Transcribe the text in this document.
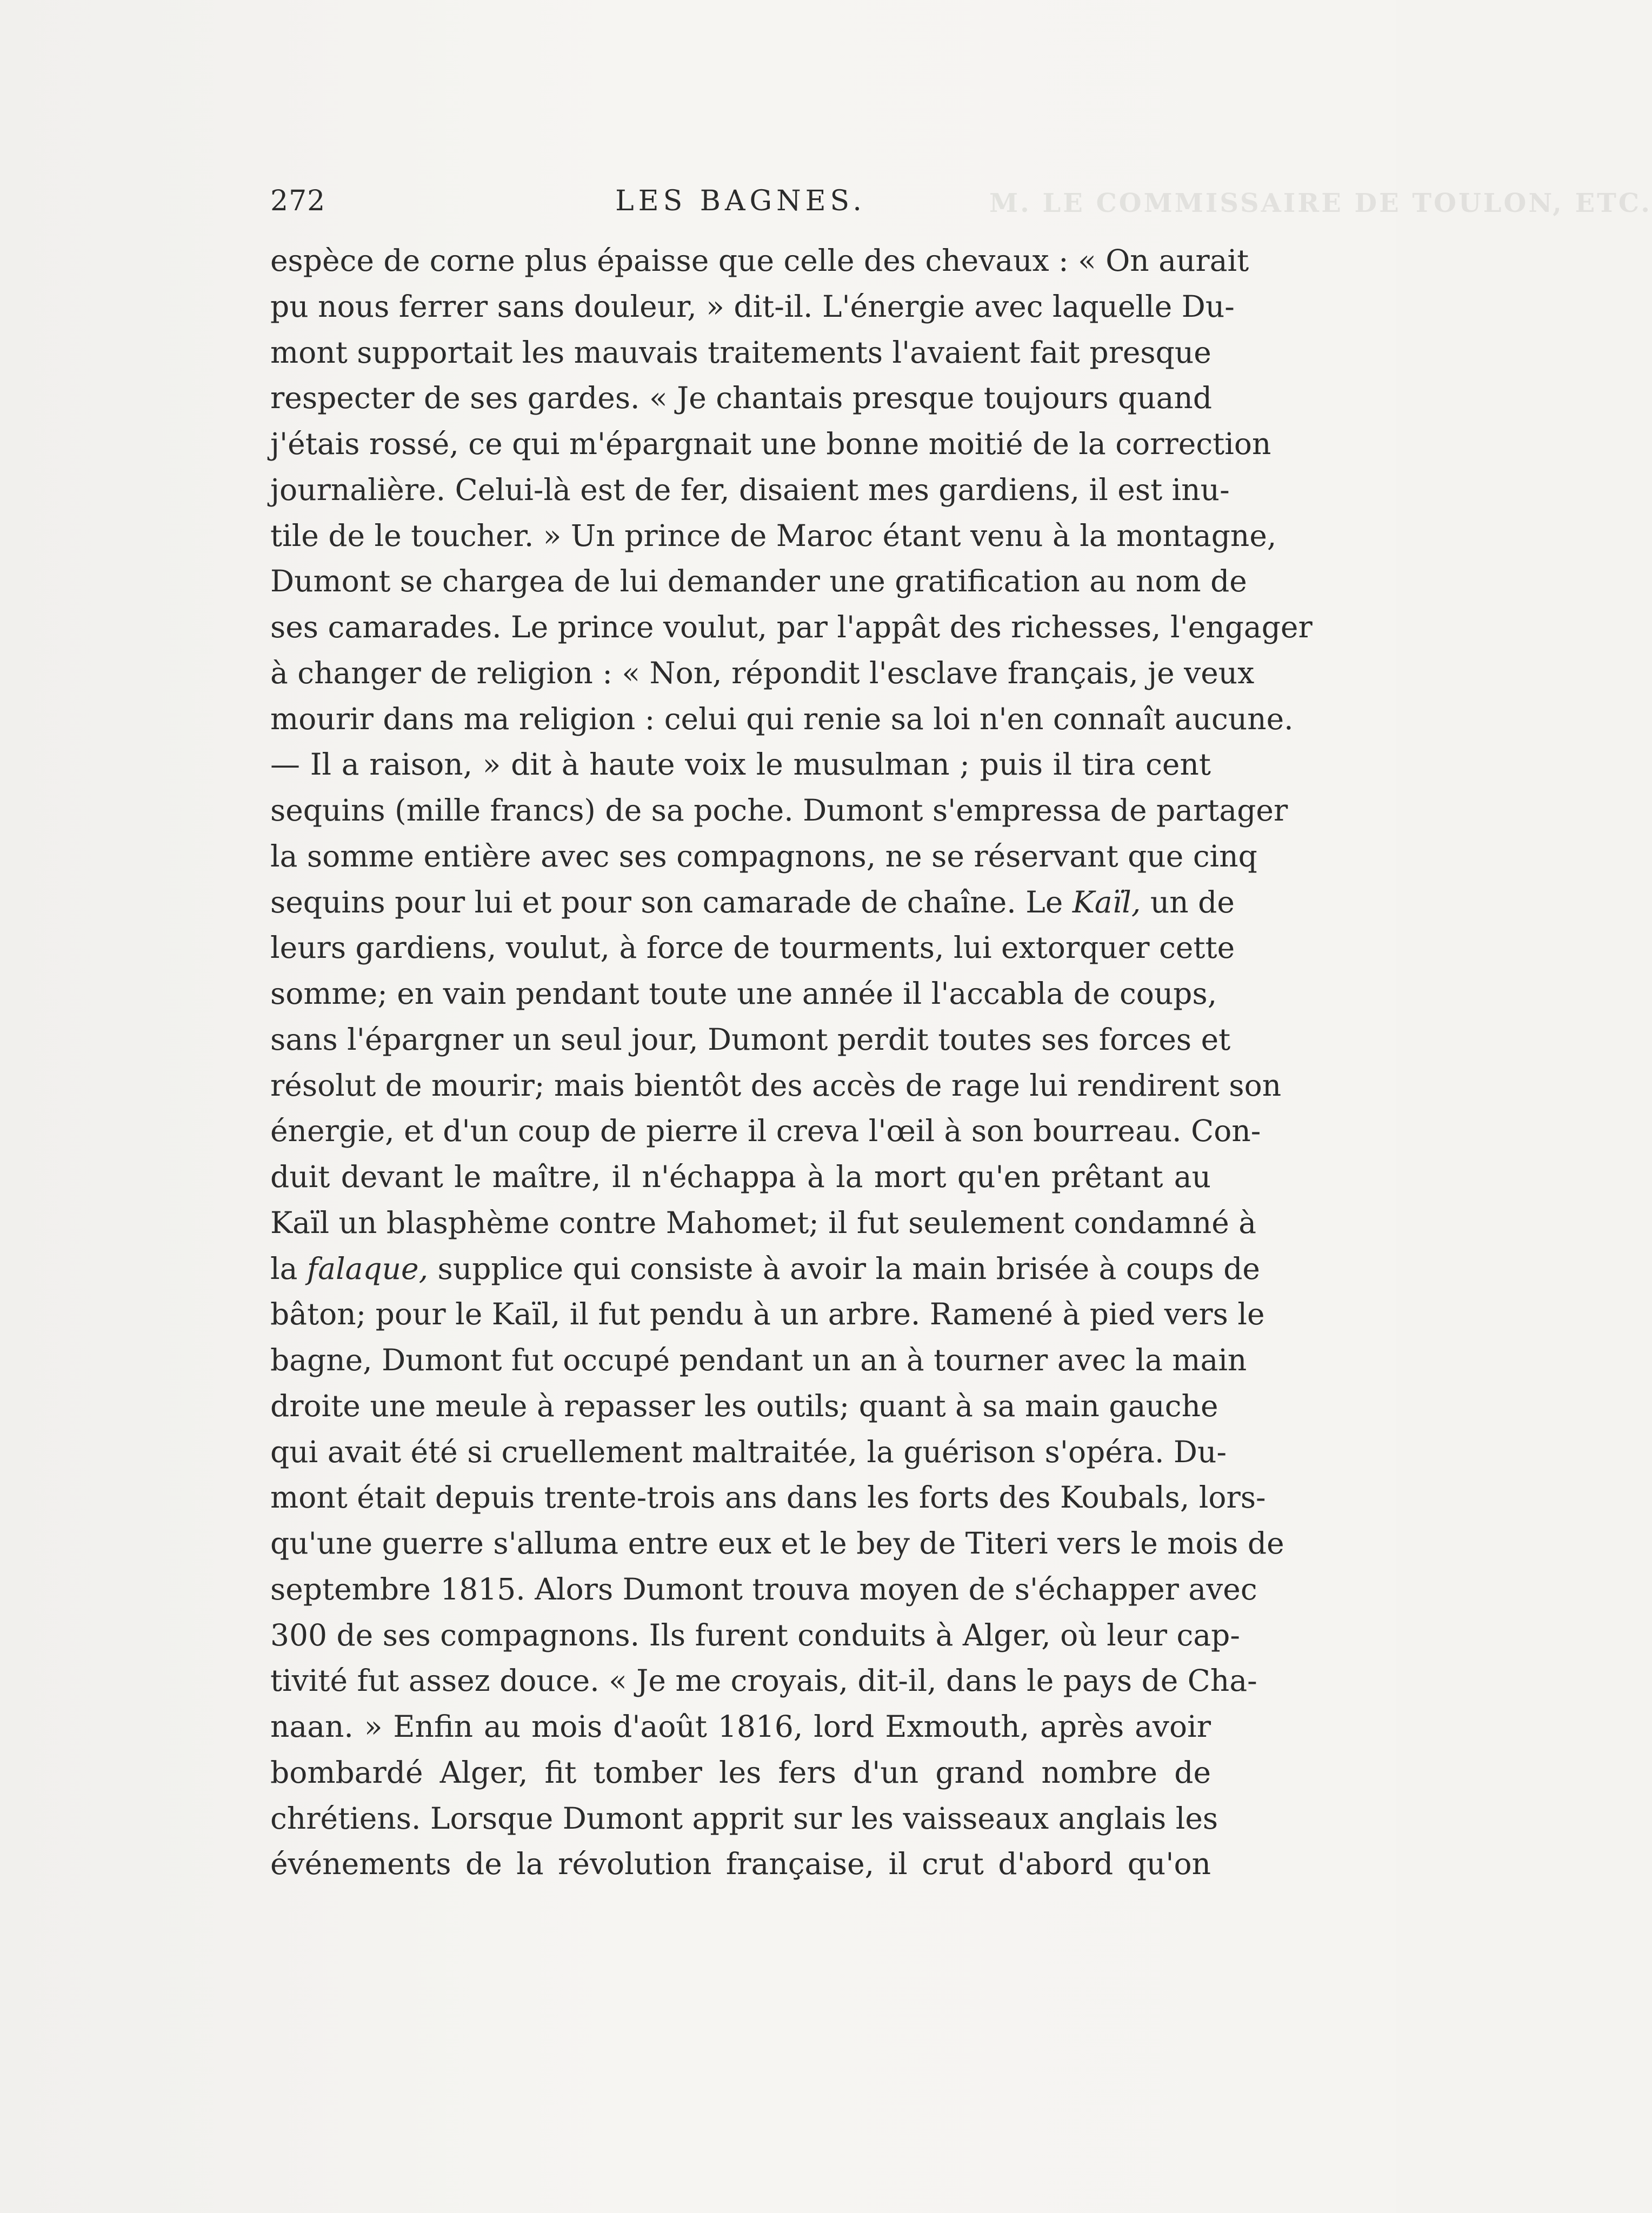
M. LE COMMISSAIRE DE TOULON, ETC.
272	LES BAGNES.
espèce de corne plus épaisse que celle des chevaux : « On aurait
pu nous ferrer sans douleur, » dit-il. L'énergie avec laquelle Du-
mont supportait les mauvais traitements l'avaient fait presque
respecter de ses gardes. « Je chantais presque toujours quand
j'étais rossé, ce qui m'épargnait une bonne moitié de la correction
journalière. Celui-là est de fer, disaient mes gardiens, il est inu-
tile de le toucher. » Un prince de Maroc étant venu à la montagne,
Dumont se chargea de lui demander une gratification au nom de
ses camarades. Le prince voulut, par l'appât des richesses, l'engager
à changer de religion : « Non, répondit l'esclave français, je veux
mourir dans ma religion : celui qui renie sa loi n'en connaît aucune.
— Il a raison, » dit à haute voix le musulman ; puis il tira cent
sequins (mille francs) de sa poche. Dumont s'empressa de partager
la somme entière avec ses compagnons, ne se réservant que cinq
sequins pour lui et pour son camarade de chaîne. Le Kaïl, un de
leurs gardiens, voulut, à force de tourments, lui extorquer cette
somme; en vain pendant toute une année il l'accabla de coups,
sans l'épargner un seul jour, Dumont perdit toutes ses forces et
résolut de mourir; mais bientôt des accès de rage lui rendirent son
énergie, et d'un coup de pierre il creva l'œil à son bourreau. Con-
duit devant le maître, il n'échappa à la mort qu'en prêtant au
Kaïl un blasphème contre Mahomet; il fut seulement condamné à
la falaque, supplice qui consiste à avoir la main brisée à coups de
bâton; pour le Kaïl, il fut pendu à un arbre. Ramené à pied vers le
bagne, Dumont fut occupé pendant un an à tourner avec la main
droite une meule à repasser les outils; quant à sa main gauche
qui avait été si cruellement maltraitée, la guérison s'opéra. Du-
mont était depuis trente-trois ans dans les forts des Koubals, lors-
qu'une guerre s'alluma entre eux et le bey de Titeri vers le mois de
septembre 1815. Alors Dumont trouva moyen de s'échapper avec
300 de ses compagnons. Ils furent conduits à Alger, où leur cap-
tivité fut assez douce. « Je me croyais, dit-il, dans le pays de Cha-
naan. » Enfin au mois d'août 1816, lord Exmouth, après avoir
bombardé Alger, fit tomber les fers d'un grand nombre de
chrétiens. Lorsque Dumont apprit sur les vaisseaux anglais les
événements de la révolution française, il crut d'abord qu'on
